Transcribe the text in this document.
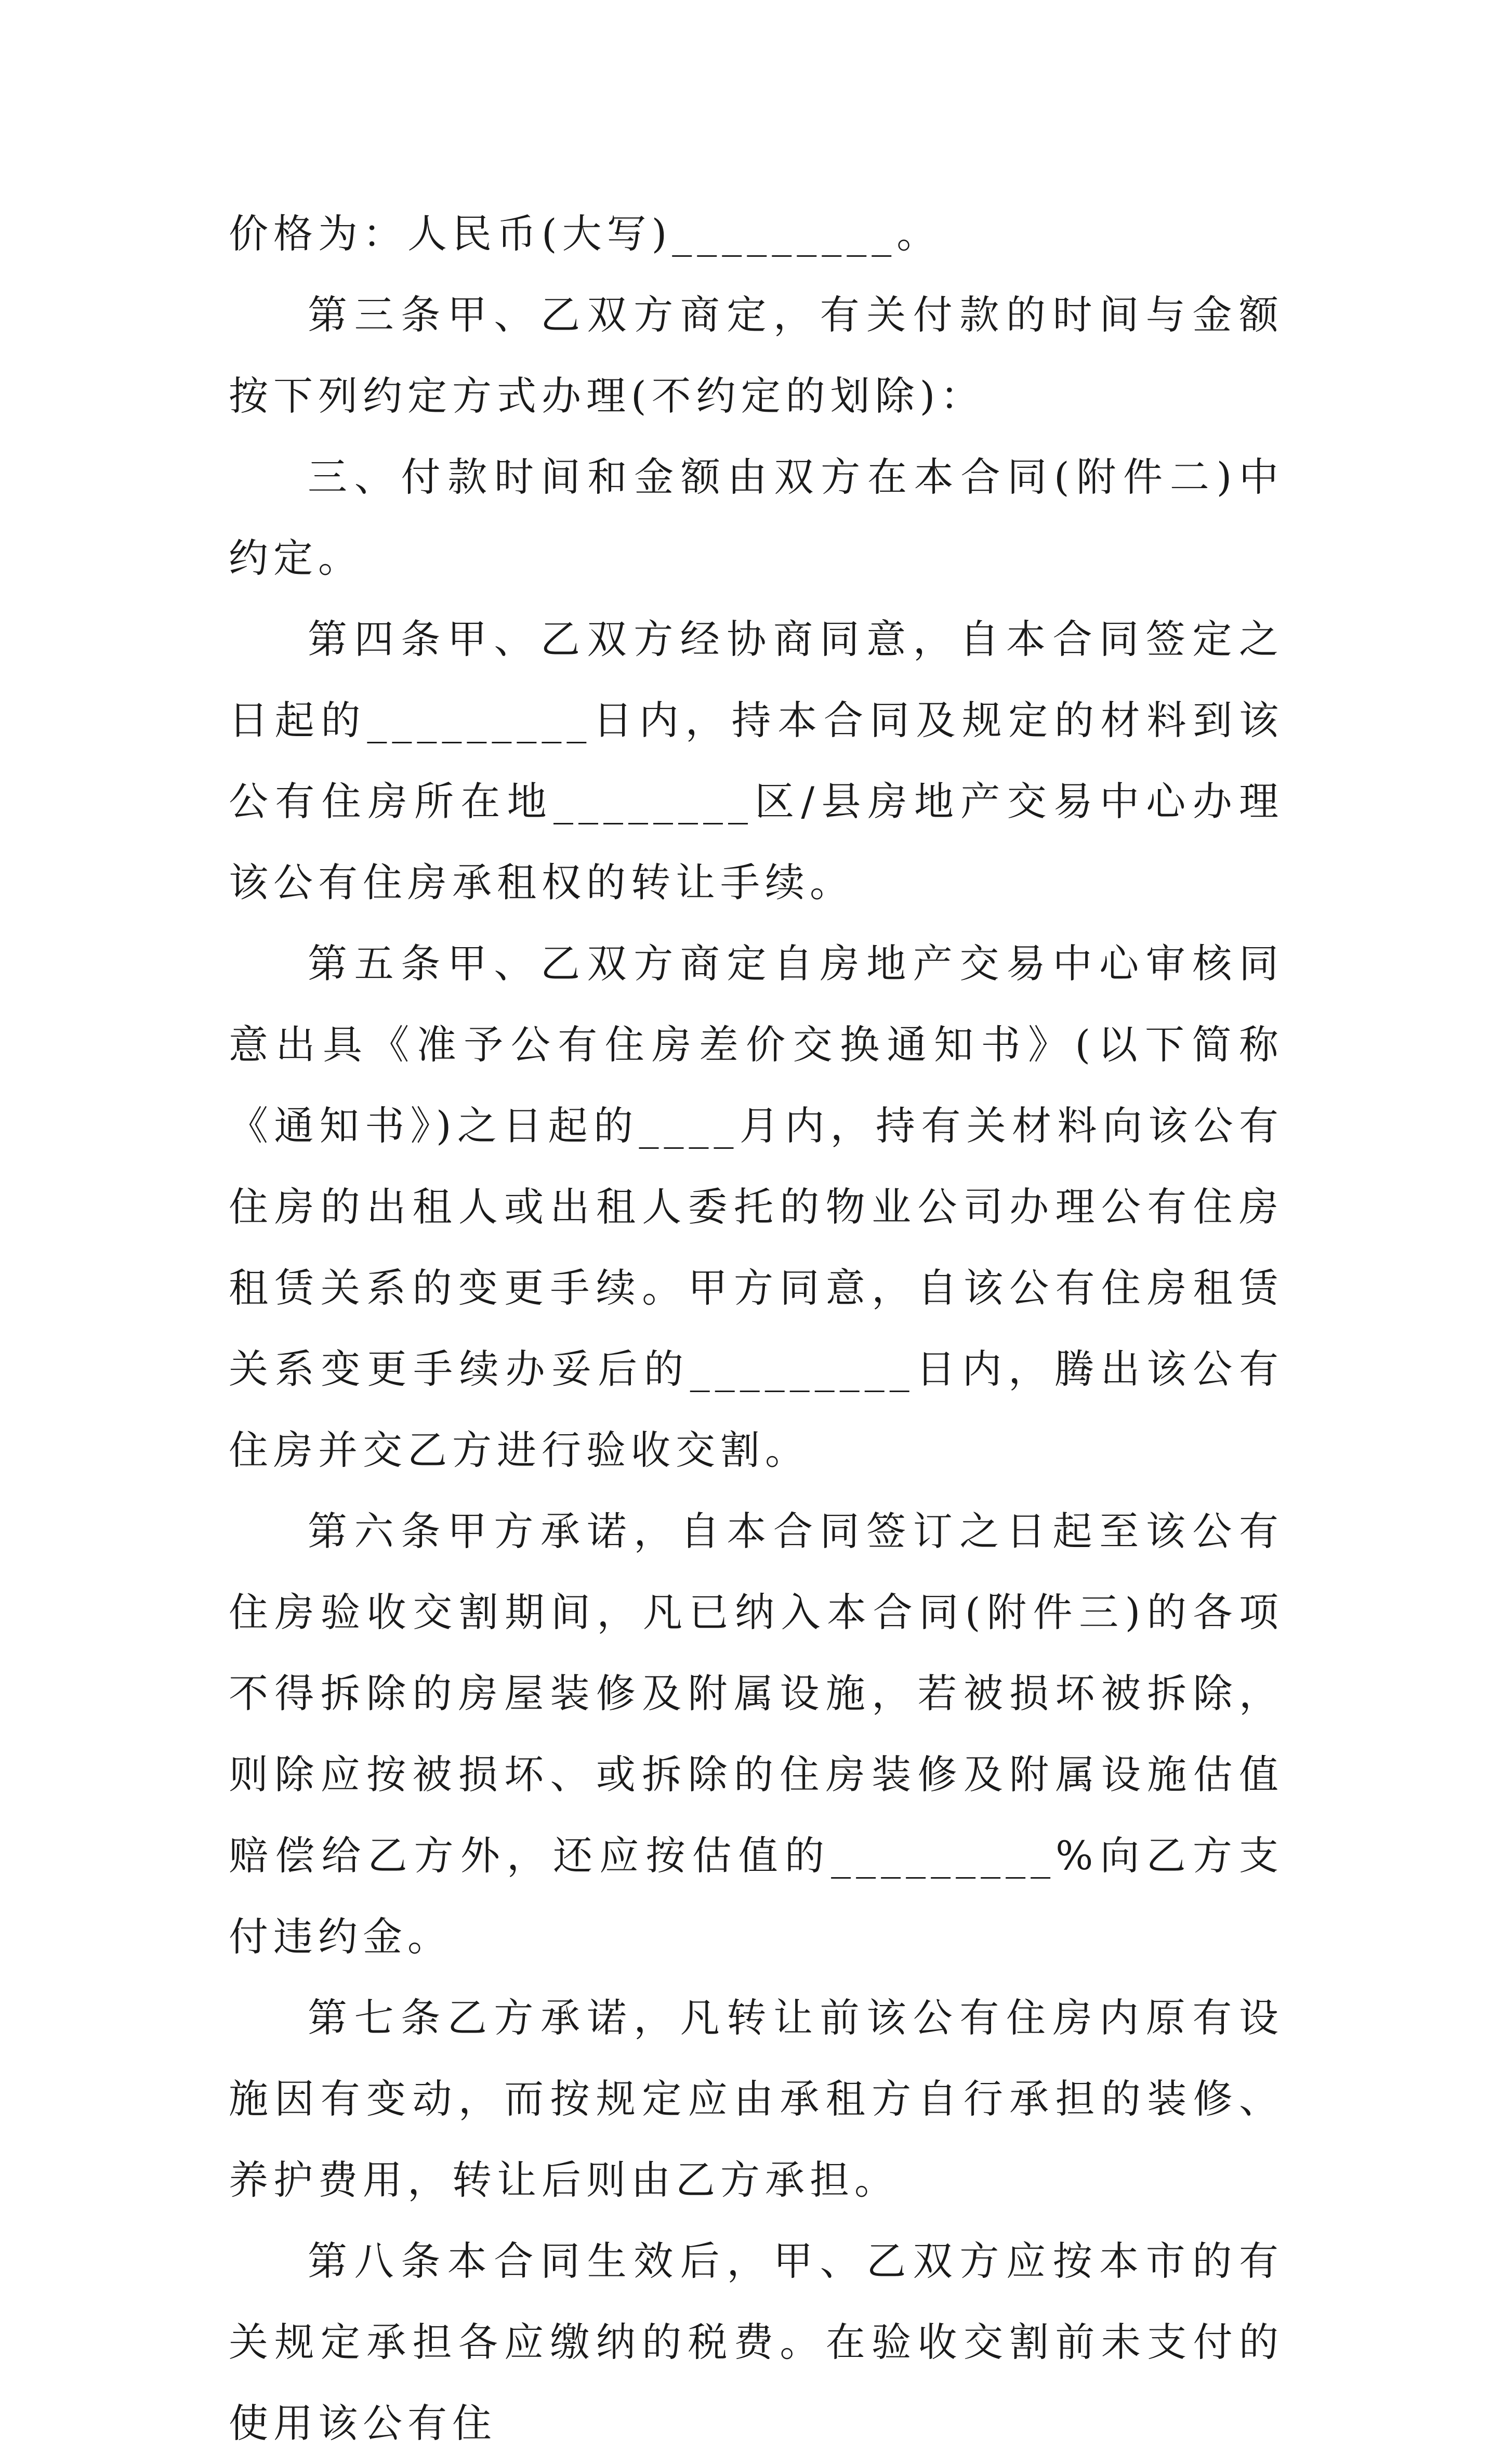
价格为：人民币(大写)_________。

第三条甲、乙双方商定，有关付款的时间与金额按下列约定方式办理(不约定的划除)：

三、付款时间和金额由双方在本合同(附件二)中约定。

第四条甲、乙双方经协商同意，自本合同签定之日起的_________日内，持本合同及规定的材料到该公有住房所在地________区/县房地产交易中心办理该公有住房承租权的转让手续。

第五条甲、乙双方商定自房地产交易中心审核同意出具《准予公有住房差价交换通知书》(以下简称《通知书》)之日起的____月内，持有关材料向该公有住房的出租人或出租人委托的物业公司办理公有住房租赁关系的变更手续。甲方同意，自该公有住房租赁关系变更手续办妥后的_________日内，腾出该公有住房并交乙方进行验收交割。

第六条甲方承诺，自本合同签订之日起至该公有住房验收交割期间，凡已纳入本合同(附件三)的各项不得拆除的房屋装修及附属设施，若被损坏被拆除，则除应按被损坏、或拆除的住房装修及附属设施估值赔偿给乙方外，还应按估值的_________%向乙方支付违约金。

第七条乙方承诺，凡转让前该公有住房内原有设施因有变动，而按规定应由承租方自行承担的装修、养护费用，转让后则由乙方承担。

第八条本合同生效后，甲、乙双方应按本市的有关规定承担各应缴纳的税费。在验收交割前未支付的使用该公有住
